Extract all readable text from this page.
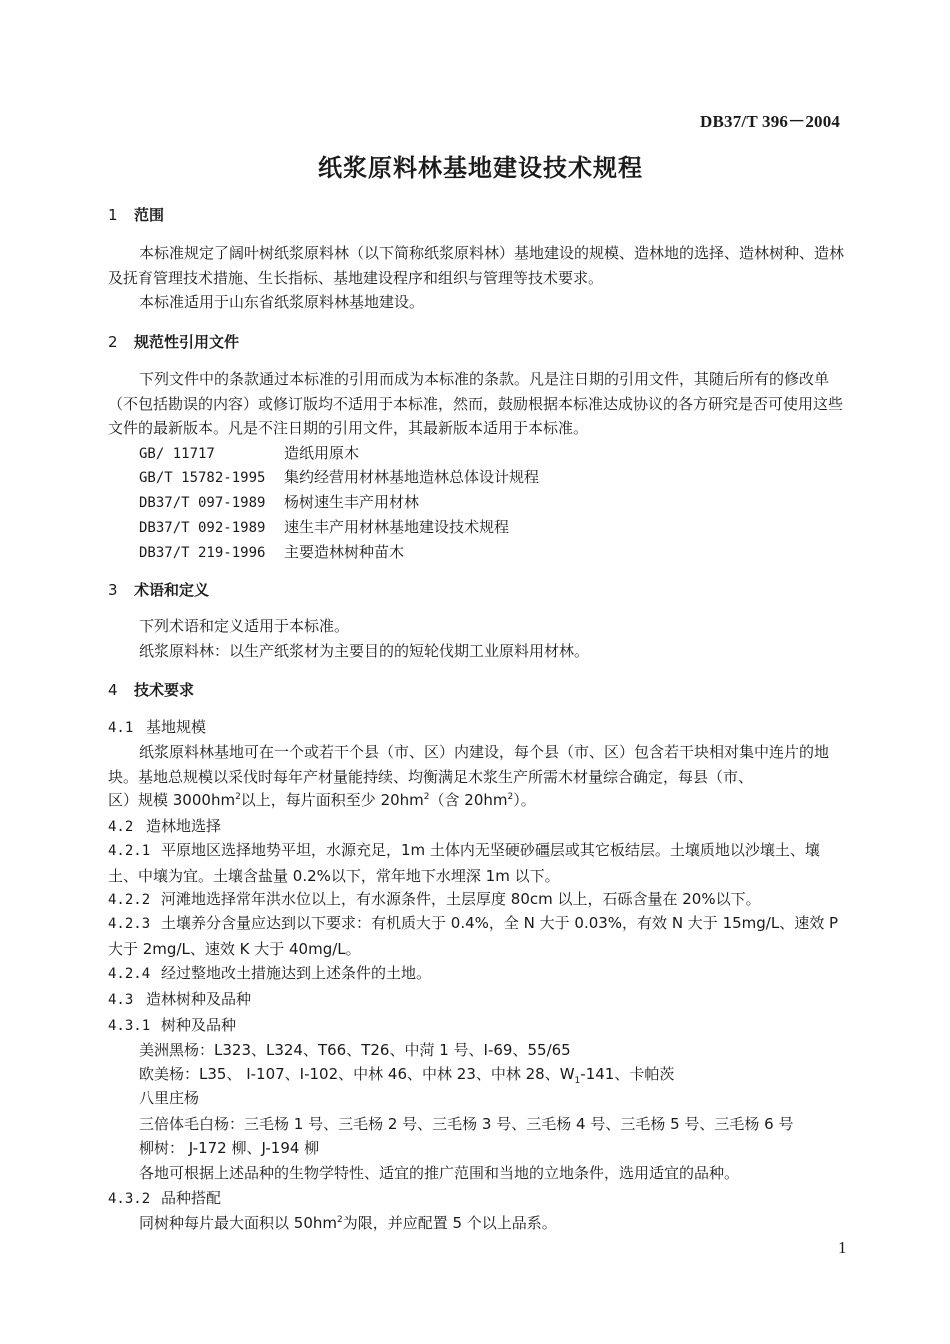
DB37/T 396－2004
纸浆原料林基地建设技术规程
1 范围
本标准规定了阔叶树纸浆原料林（以下简称纸浆原料林）基地建设的规模、造林地的选择、造林树种、造林及抚育管理技术措施、生长指标、基地建设程序和组织与管理等技术要求。
本标准适用于山东省纸浆原料林基地建设。
2 规范性引用文件
下列文件中的条款通过本标准的引用而成为本标准的条款。凡是注日期的引用文件，其随后所有的修改单（不包括勘误的内容）或修订版均不适用于本标准，然而，鼓励根据本标准达成协议的各方研究是否可使用这些文件的最新版本。凡是不注日期的引用文件，其最新版本适用于本标准。
GB/ 11717	造纸用原木
GB/T 15782-1995 集约经营用材林基地造林总体设计规程
DB37/T 097-1989 杨树速生丰产用材林
DB37/T 092-1989 速生丰产用材林基地建设技术规程
DB37/T 219-1996 主要造林树种苗木
3 术语和定义
下列术语和定义适用于本标准。
纸浆原料林：以生产纸浆材为主要目的的短轮伐期工业原料用材林。
4 技术要求
4.1 基地规模
纸浆原料林基地可在一个或若干个县（市、区）内建设，每个县（市、区）包含若干块相对集中连片的地块。基地总规模以采伐时每年产材量能持续、均衡满足木浆生产所需木材量综合确定，每县（市、
区）规模 $3000hm^2$以上，每片面积至少 $20hm^2$（含 $20hm^2$）。
4.2 造林地选择
4.2.1 平原地区选择地势平坦，水源充足，1m 土体内无坚硬砂礓层或其它板结层。土壤质地以沙壤土、壤土、中壤为宜。土壤含盐量 0.2%以下，常年地下水埋深 1m 以下。
4.2.2 河滩地选择常年洪水位以上，有水源条件，土层厚度 80cm 以上，石砾含量在 20%以下。
4.2.3 土壤养分含量应达到以下要求：有机质大于 0.4%，全 N 大于 0.03%，有效 N 大于 15mg/L、速效 P 大于 2mg/L、速效 K 大于 40mg/L。
4.2.4 经过整地改土措施达到上述条件的土地。
4.3 造林树种及品种
4.3.1 树种及品种
美洲黑杨：L323、L324、T66、T26、中菏 1 号、I-69、55/65
欧美杨：L35、 I-107、I-102、中林 46、中林 23、中林 28、$W_1-141$、卡帕茨
八里庄杨
三倍体毛白杨：三毛杨 1 号、三毛杨 2 号、三毛杨 3 号、三毛杨 4 号、三毛杨 5 号、三毛杨 6 号
柳树： J-172 柳、J-194 柳
各地可根据上述品种的生物学特性、适宜的推广范围和当地的立地条件，选用适宜的品种。
4.3.2 品种搭配
同树种每片最大面积以 $50hm^2$为限，并应配置 5 个以上品系。
1
